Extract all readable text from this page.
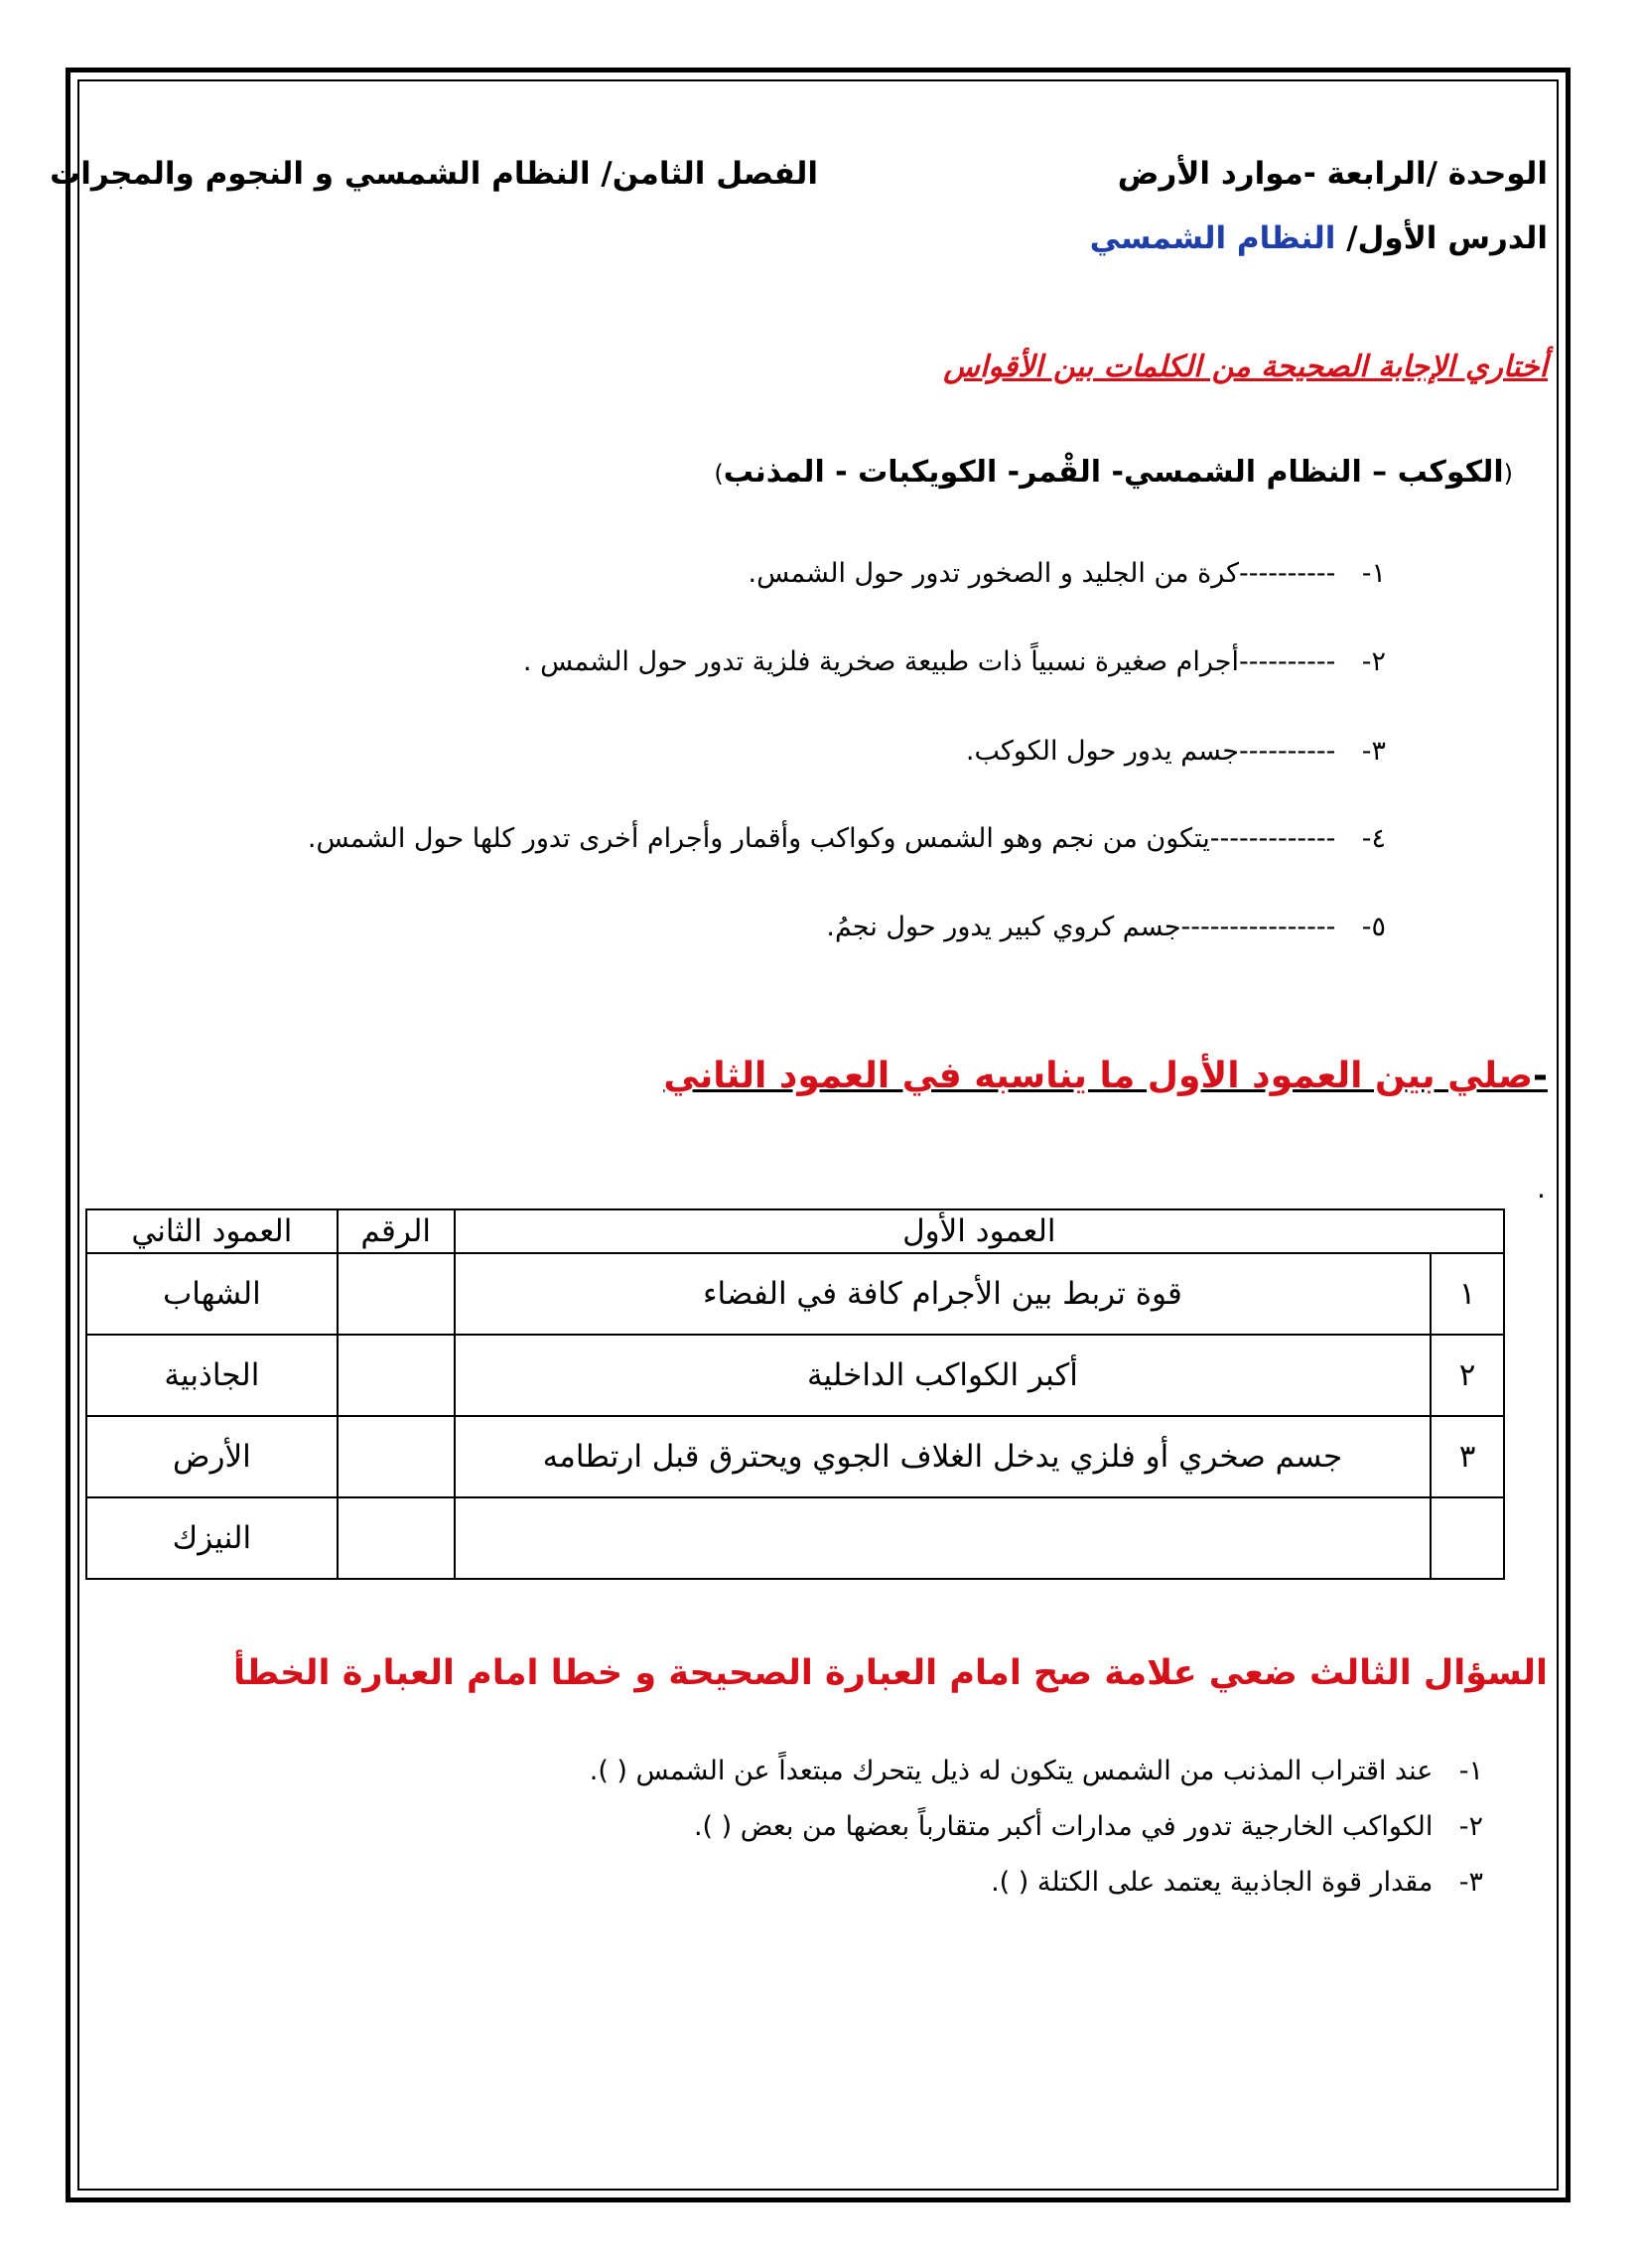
الوحدة /الرابعة -موارد الأرض
الفصل الثامن/ النظام الشمسي و النجوم والمجرات
الدرس الأول/ النظام الشمسي
أختاري الإجابة الصحيحة من الكلمات بين الأقواس
(الكوكب – النظام الشمسي- القْمر- الكويكبات - المذنب)
١- ----------كرة من الجليد و الصخور تدور حول الشمس.
٢- ----------أجرام صغيرة نسبياً ذات طبيعة صخرية فلزية تدور حول الشمس .
٣- ----------جسم يدور حول الكوكب.
٤- -------------يتكون من نجم وهو الشمس وكواكب وأقمار وأجرام أخرى تدور كلها حول الشمس.
٥- ----------------جسم كروي كبير يدور حول نجمُ.
-صلي بين العمود الأول ما يناسبه في العمود الثاني
.
العمود الأول		الرقم	العمود الثاني
١	قوة تربط بين الأجرام كافة في الفضاء		الشهاب
٢	أكبر الكواكب الداخلية		الجاذبية
٣	جسم صخري أو فلزي يدخل الغلاف الجوي ويحترق قبل ارتطامه		الأرض
			النيزك
السؤال الثالث ضعي علامة صح امام العبارة الصحيحة و خطا امام العبارة الخطأ
١- عند اقتراب المذنب من الشمس يتكون له ذيل يتحرك مبتعداً عن الشمس ( ).
٢- الكواكب الخارجية تدور في مدارات أكبر متقارباً بعضها من بعض ( ).
٣- مقدار قوة الجاذبية يعتمد على الكتلة ( ).
